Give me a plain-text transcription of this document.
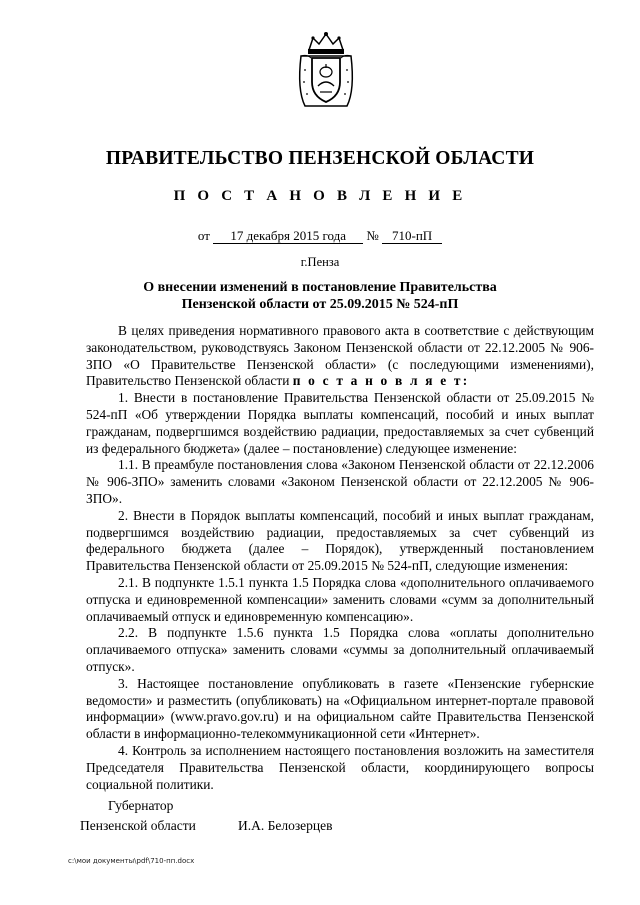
ПРАВИТЕЛЬСТВО ПЕНЗЕНСКОЙ ОБЛАСТИ
П О С Т А Н О В Л Е Н И Е
от 17 декабря 2015 года № 710-пП
г.Пенза
О внесении изменений в постановление Правительства
Пензенской области от 25.09.2015 № 524-пП

В целях приведения нормативного правового акта в соответствие с действующим законодательством, руководствуясь Законом Пензенской области от 22.12.2005 № 906-ЗПО «О Правительстве Пензенской области» (с последующими изменениями), Правительство Пензенской области п о с т а н о в л я е т:

1. Внести в постановление Правительства Пензенской области от 25.09.2015 № 524-пП «Об утверждении Порядка выплаты компенсаций, пособий и иных выплат гражданам, подвергшимся воздействию радиации, предоставляемых за счет субвенций из федерального бюджета» (далее – постановление) следующее изменение:

1.1. В преамбуле постановления слова «Законом Пензенской области от 22.12.2006 № 906-ЗПО» заменить словами «Законом Пензенской области от 22.12.2005 № 906-ЗПО».

2. Внести в Порядок выплаты компенсаций, пособий и иных выплат гражданам, подвергшимся воздействию радиации, предоставляемых за счет субвенций из федерального бюджета (далее – Порядок), утвержденный постановлением Правительства Пензенской области от 25.09.2015 № 524-пП, следующие изменения:

2.1. В подпункте 1.5.1 пункта 1.5 Порядка слова «дополнительного оплачиваемого отпуска и единовременной компенсации» заменить словами «сумм за дополнительный оплачиваемый отпуск и единовременную компенсацию».

2.2. В подпункте 1.5.6 пункта 1.5 Порядка слова «оплаты дополнительно оплачиваемого отпуска» заменить словами «суммы за дополнительный оплачиваемый отпуск».

3. Настоящее постановление опубликовать в газете «Пензенские губернские ведомости» и разместить (опубликовать) на «Официальном интернет-портале правовой информации» (www.pravo.gov.ru) и на официальном сайте Правительства Пензенской области в информационно-телекоммуникационной сети «Интернет».

4. Контроль за исполнением настоящего постановления возложить на заместителя Председателя Правительства Пензенской области, координирующего вопросы социальной политики.

Губернатор
Пензенской области	И.А. Белозерцев
c:\мои документы\pdf\710-пп.docx
